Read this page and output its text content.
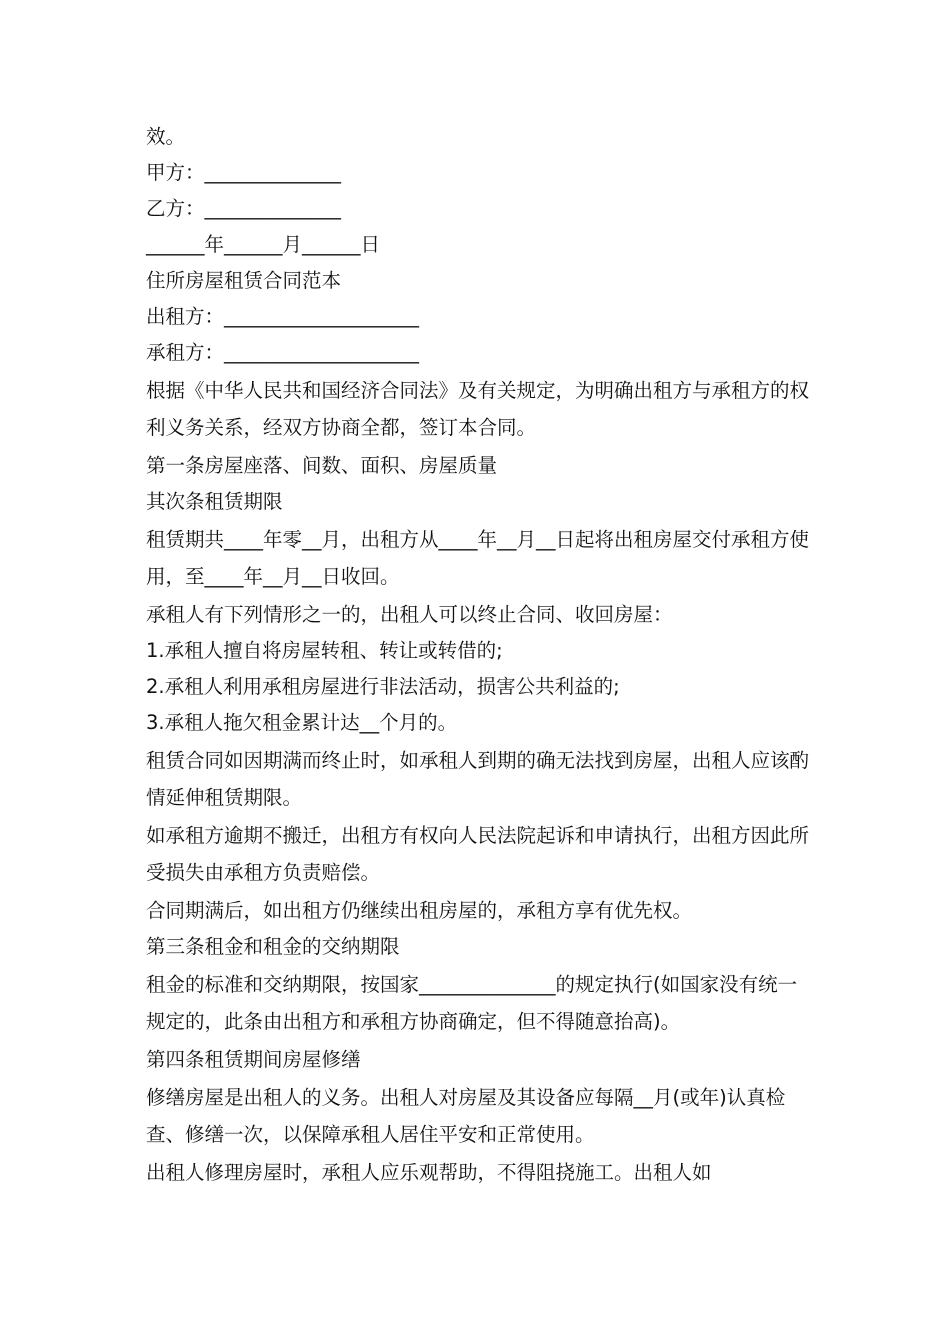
效。
甲方：______________
乙方：______________
______年______月______日
住所房屋租赁合同范本
出租方：____________________
承租方：____________________
根据《中华人民共和国经济合同法》及有关规定，为明确出租方与承租方的权利义务关系，经双方协商全都，签订本合同。
第一条房屋座落、间数、面积、房屋质量
其次条租赁期限
租赁期共____年零__月，出租方从____年__月__日起将出租房屋交付承租方使用，至____年__月__日收回。
承租人有下列情形之一的，出租人可以终止合同、收回房屋：
1.承租人擅自将房屋转租、转让或转借的;
2.承租人利用承租房屋进行非法活动，损害公共利益的;
3.承租人拖欠租金累计达__个月的。
租赁合同如因期满而终止时，如承租人到期的确无法找到房屋，出租人应该酌情延伸租赁期限。
如承租方逾期不搬迁，出租方有权向人民法院起诉和申请执行，出租方因此所受损失由承租方负责赔偿。
合同期满后，如出租方仍继续出租房屋的，承租方享有优先权。
第三条租金和租金的交纳期限
租金的标准和交纳期限，按国家______________的规定执行(如国家没有统一规定的，此条由出租方和承租方协商确定，但不得随意抬高)。
第四条租赁期间房屋修缮
修缮房屋是出租人的义务。出租人对房屋及其设备应每隔__月(或年)认真检查、修缮一次，以保障承租人居住平安和正常使用。
出租人修理房屋时，承租人应乐观帮助，不得阻挠施工。出租人如
